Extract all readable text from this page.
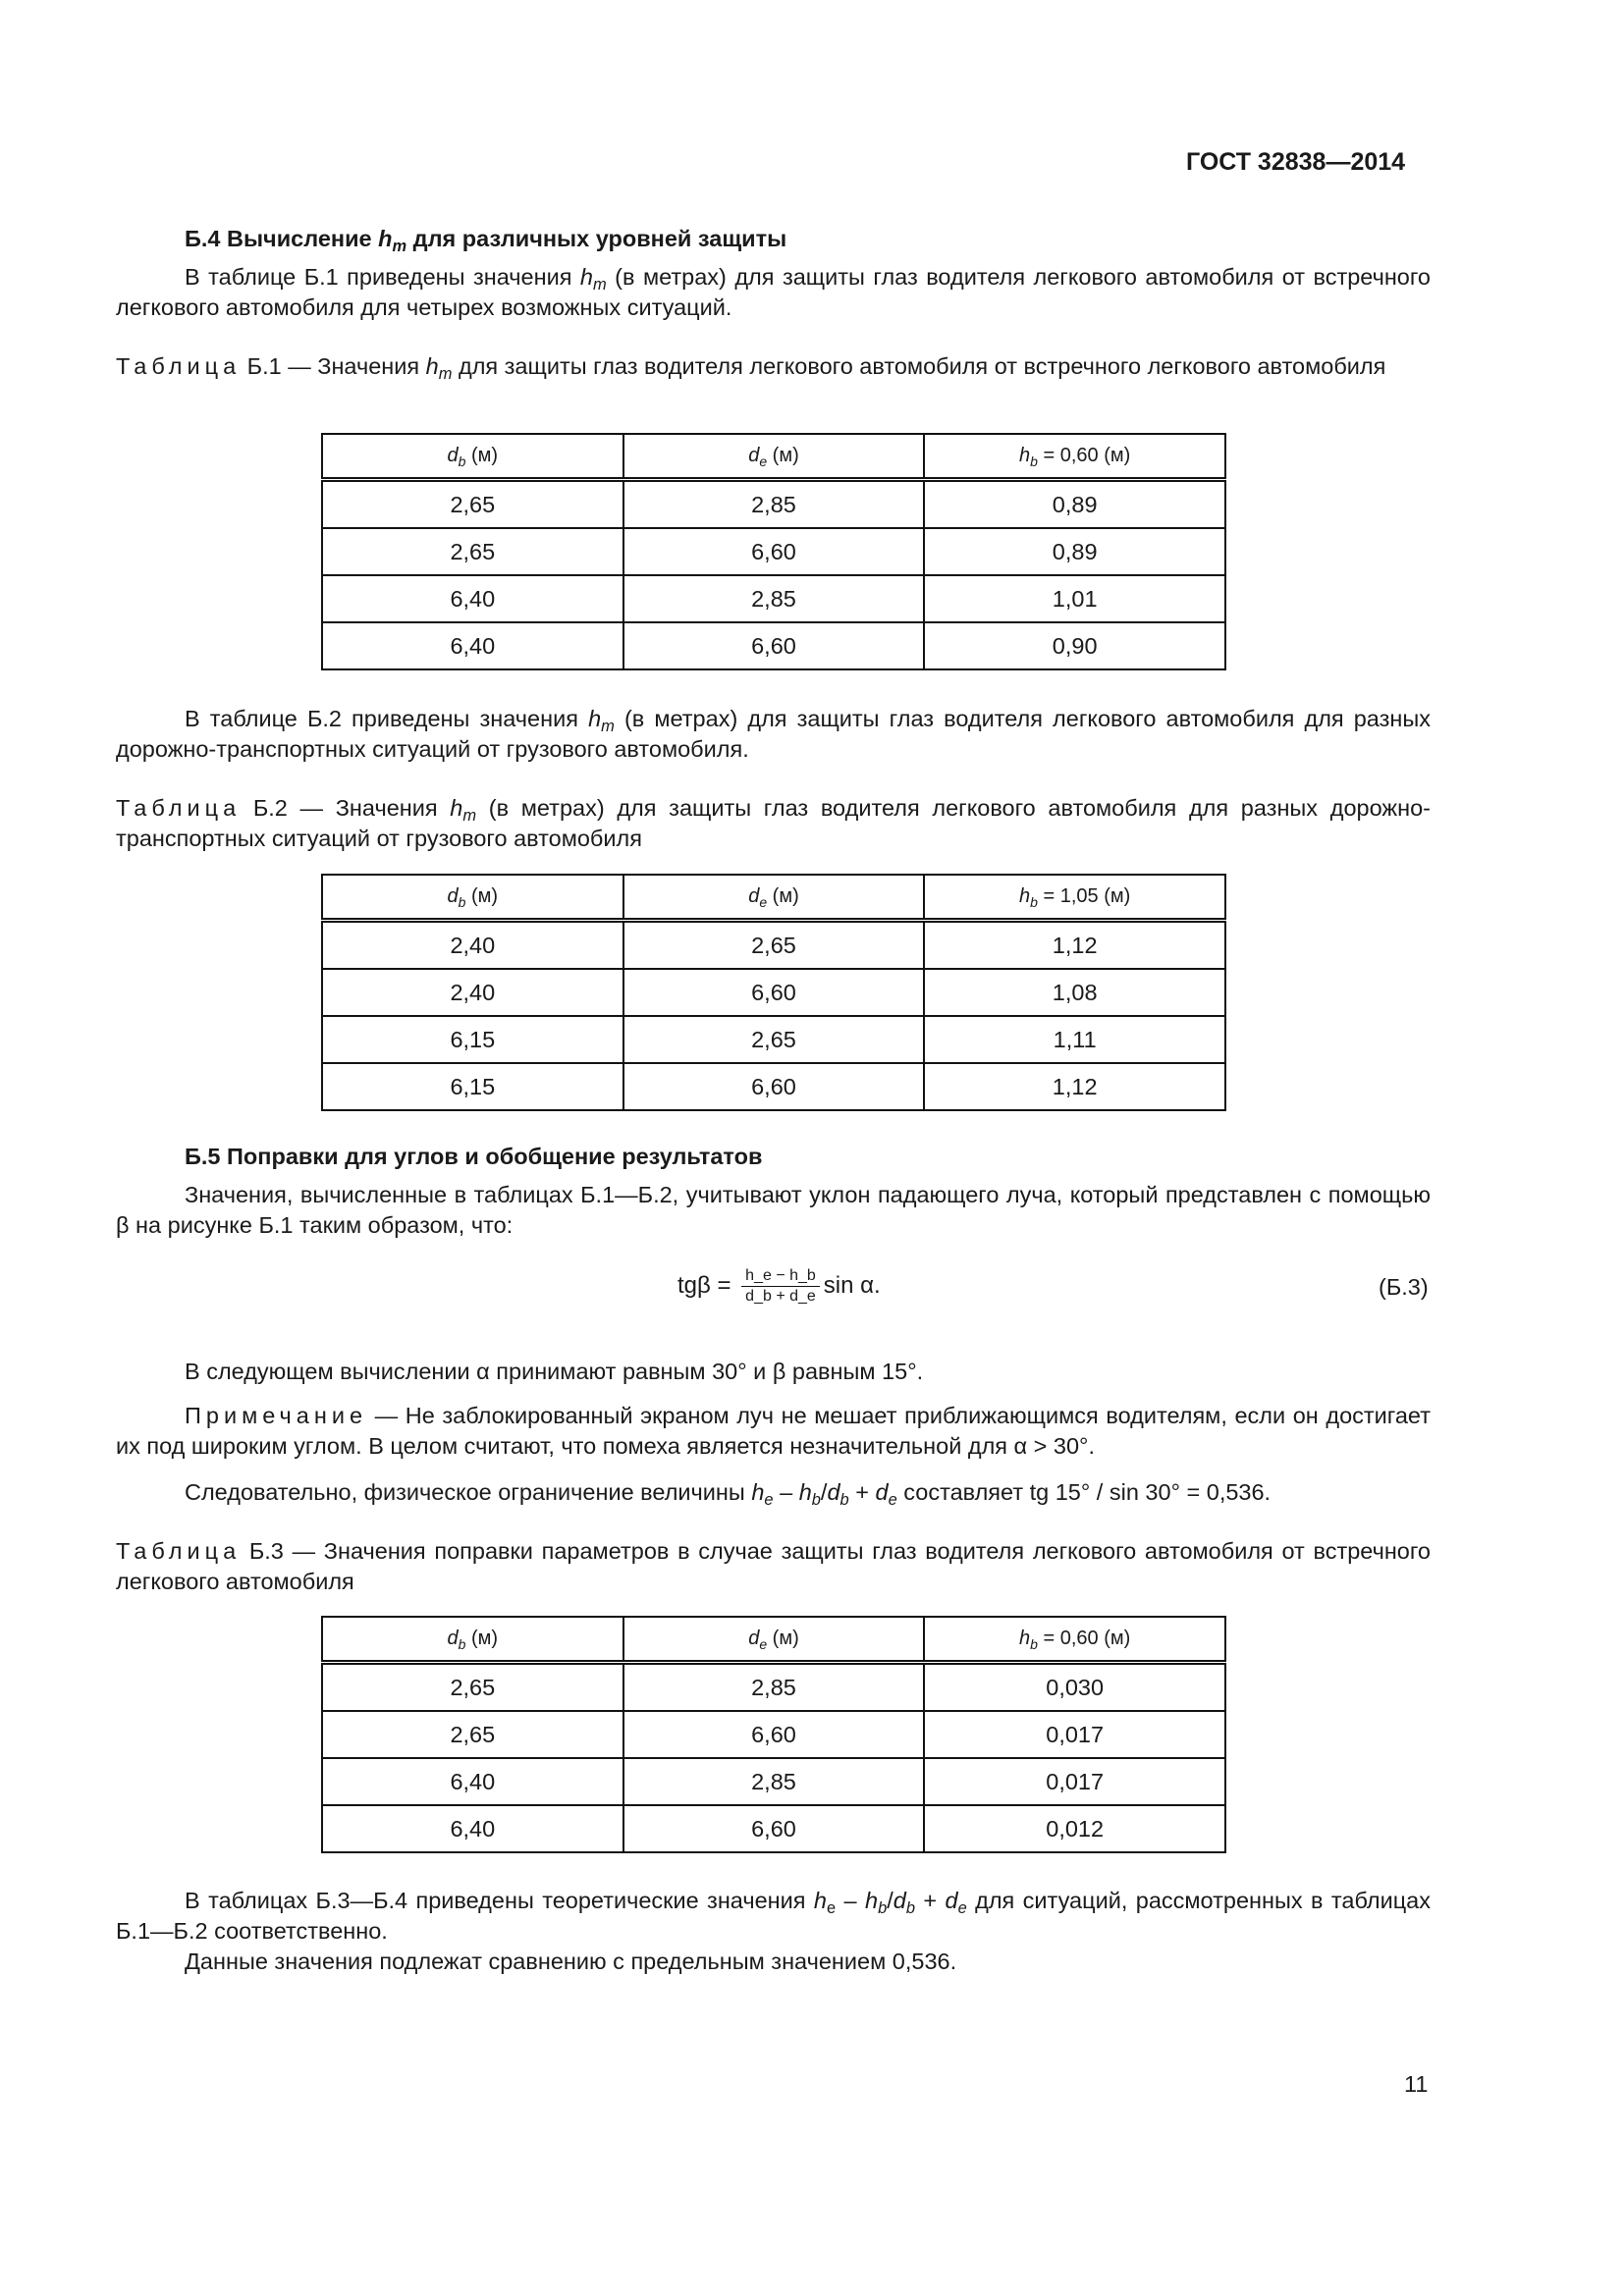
ГОСТ 32838—2014
Б.4 Вычисление $h_m$ для различных уровней защиты
В таблице Б.1 приведены значения $h_m$ (в метрах) для защиты глаз водителя легкового автомобиля от встречного легкового автомобиля для четырех возможных ситуаций.
Таблица Б.1 — Значения $h_m$ для защиты глаз водителя легкового автомобиля от встречного легкового автомобиля
$d_b$ (м)	$d_e$ (м)	$h_b = 0,60$ (м)
2,65	2,85	0,89
2,65	6,60	0,89
6,40	2,85	1,01
6,40	6,60	0,90
В таблице Б.2 приведены значения $h_m$ (в метрах) для защиты глаз водителя легкового автомобиля для разных дорожно-транспортных ситуаций от грузового автомобиля.
Таблица Б.2 — Значения $h_m$ (в метрах) для защиты глаз водителя легкового автомобиля для разных дорожно-транспортных ситуаций от грузового автомобиля
$d_b$ (м)	$d_e$ (м)	$h_b = 1,05$ (м)
2,40	2,65	1,12
2,40	6,60	1,08
6,15	2,65	1,11
6,15	6,60	1,12
Б.5 Поправки для углов и обобщение результатов
Значения, вычисленные в таблицах Б.1—Б.2, учитывают уклон падающего луча, который представлен с помощью β на рисунке Б.1 таким образом, что:
$tg\beta = \frac{h\_e - h\_b}{d\_b + d\_e}$ sin α.	(Б.3)
В следующем вычислении α принимают равным 30° и β равным 15°.
Примечание — Не заблокированный экраном луч не мешает приближающимся водителям, если он достигает их под широким углом. В целом считают, что помеха является незначительной для α > 30°.
Следовательно, физическое ограничение величины $h_e - h_b/d_b + d_e$ составляет tg 15° / sin 30° = 0,536.
Таблица Б.3 — Значения поправки параметров в случае защиты глаз водителя легкового автомобиля от встречного легкового автомобиля
$d_b$ (м)	$d_e$ (м)	$h_b = 0,60$ (м)
2,65	2,85	0,030
2,65	6,60	0,017
6,40	2,85	0,017
6,40	6,60	0,012
В таблицах Б.3—Б.4 приведены теоретические значения $h_e - h_b/d_b + d_e$ для ситуаций, рассмотренных в таблицах Б.1—Б.2 соответственно.
Данные значения подлежат сравнению с предельным значением 0,536.
11
